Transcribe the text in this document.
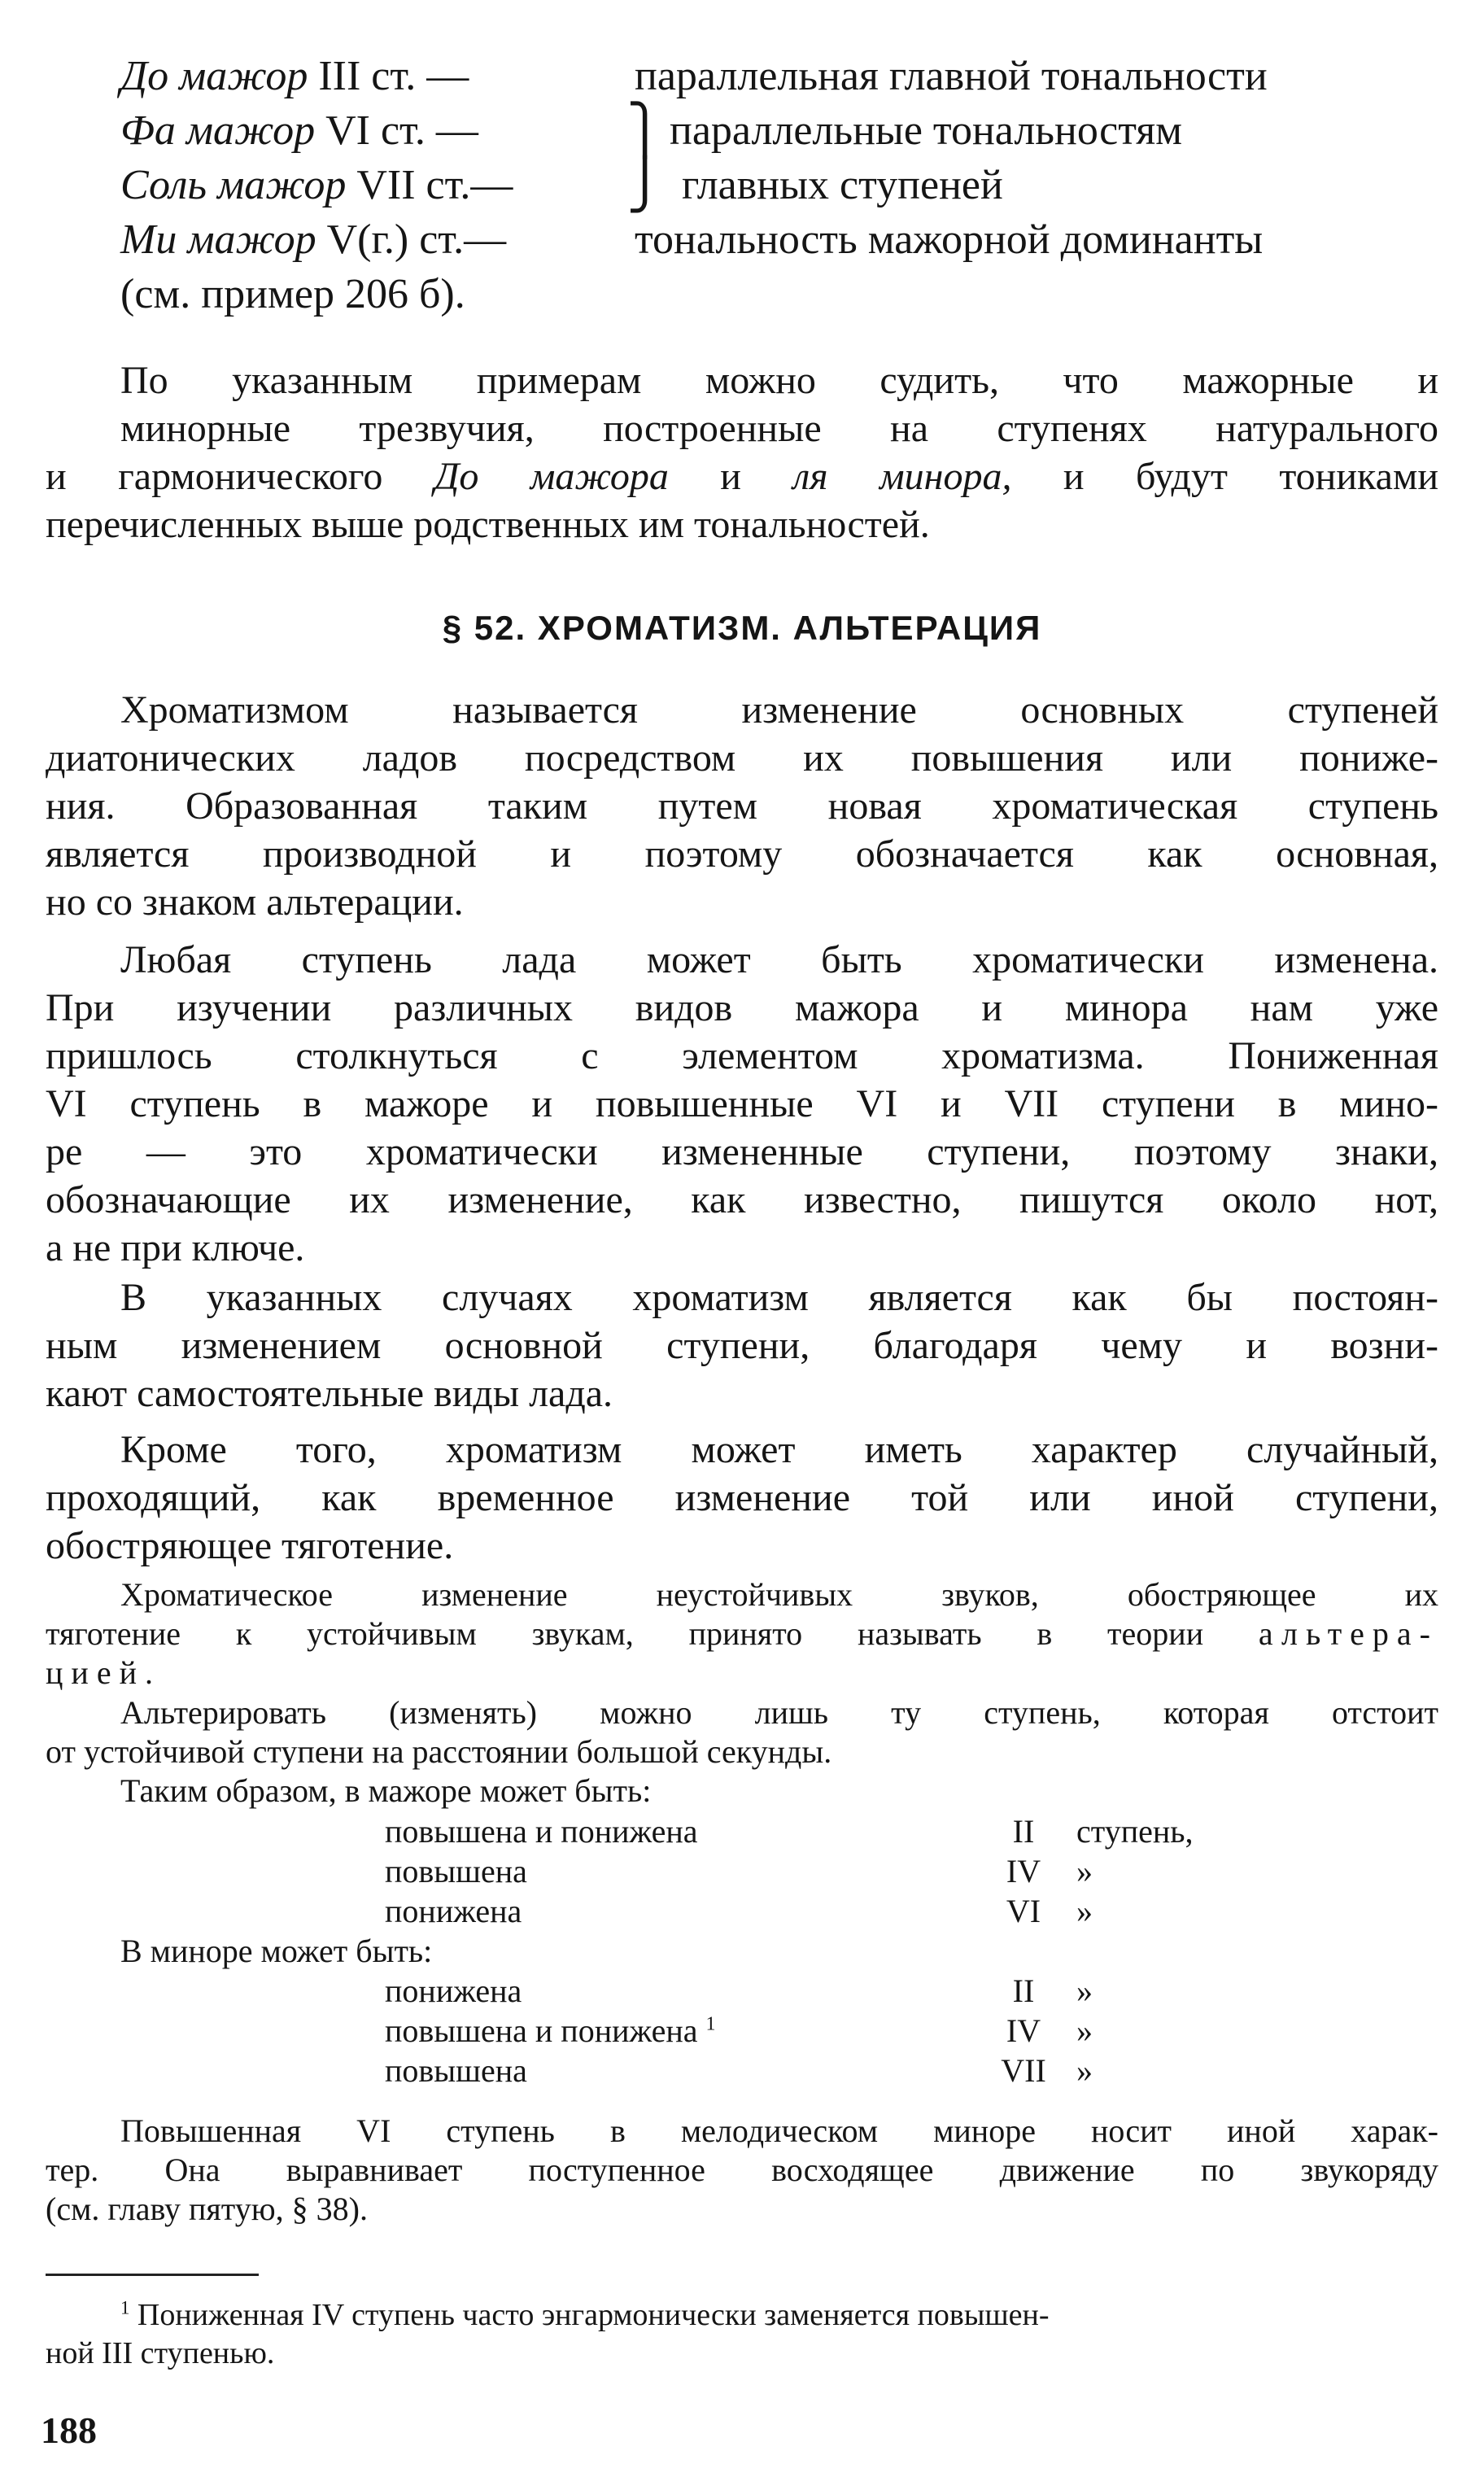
До мажор III ст. —	параллельная главной тональности
Фа мажор VI ст. —	⎫ параллельные тональностям
Соль мажор VII ст.— ⎭ главных ступеней
Ми мажор V(г.) ст.—	тональность мажорной доминанты
(см. пример 206 б).
По указанным примерам можно судить, что мажорные и
минорные трезвучия, построенные на ступенях натурального
и гармонического До мажора и ля минора, и будут тониками
перечисленных выше родственных им тональностей.
§ 52. ХРОМАТИЗМ. АЛЬТЕРАЦИЯ
Хроматизмом называется изменение основных ступеней
диатонических ладов посредством их повышения или пониже-
ния. Образованная таким путем новая хроматическая ступень
является производной и поэтому обозначается как основная,
но со знаком альтерации.
Любая ступень лада может быть хроматически изменена.
При изучении различных видов мажора и минора нам уже
пришлось столкнуться с элементом хроматизма. Пониженная
VI ступень в мажоре и повышенные VI и VII ступени в мино-
ре — это хроматически измененные ступени, поэтому знаки,
обозначающие их изменение, как известно, пишутся около нот,
а не при ключе.
В указанных случаях хроматизм является как бы постоян-
ным изменением основной ступени, благодаря чему и возни-
кают самостоятельные виды лада.
Кроме того, хроматизм может иметь характер случайный,
проходящий, как временное изменение той или иной ступени,
обостряющее тяготение.
Хроматическое изменение неустойчивых звуков, обостряющее их
тяготение к устойчивым звукам, принято называть в теории альтера-
цией.
Альтерировать (изменять) можно лишь ту ступень, которая отстоит
от устойчивой ступени на расстоянии большой секунды.
Таким образом, в мажоре может быть:
повышена и понижена	II	ступень,
повышена	IV	»
понижена	VI	»
В миноре может быть:
понижена	II	»
повышена и понижена $^1$	IV	»
повышена	VII »
Повышенная VI ступень в мелодическом миноре носит иной харак-
тер. Она выравнивает поступенное восходящее движение по звукоряду
(см. главу пятую, § 38).
$^1$ Пониженная IV ступень часто энгармонически заменяется повышен-
ной III ступенью.
188
